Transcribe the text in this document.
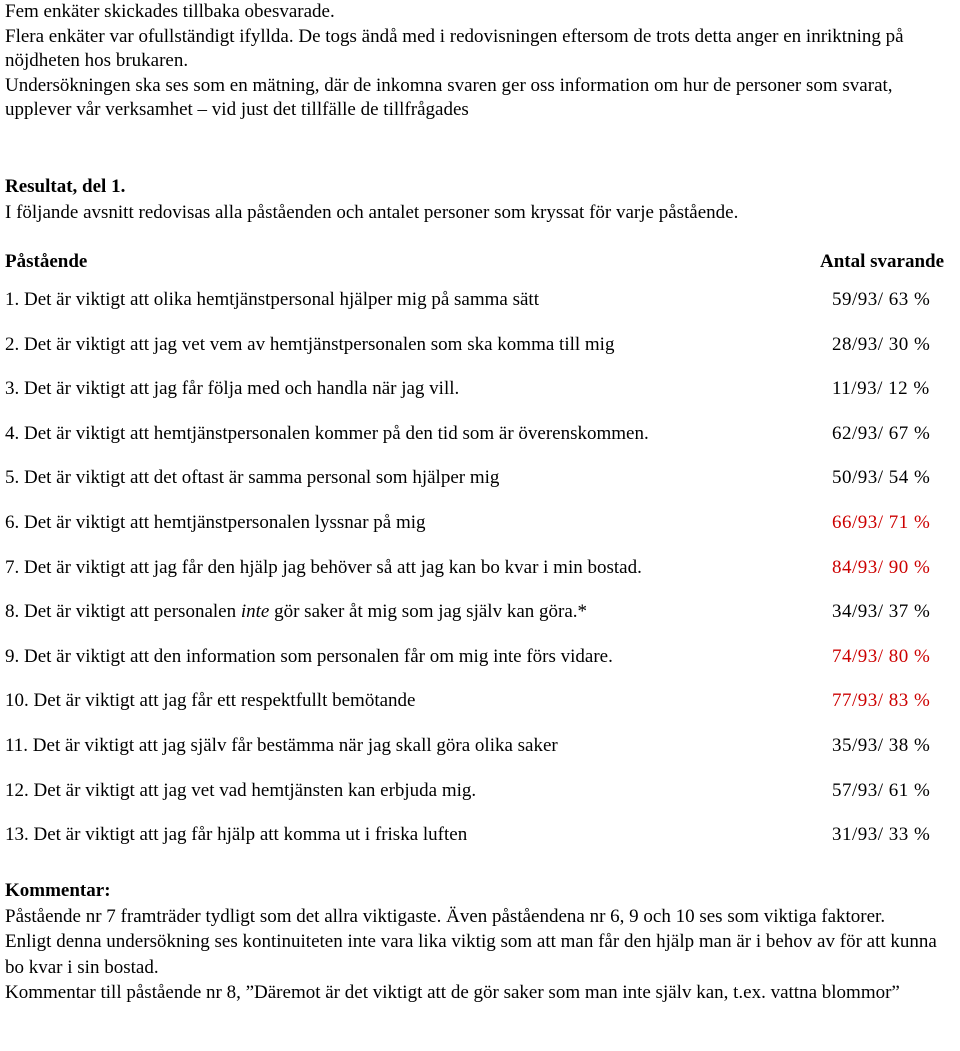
Fem enkäter skickades tillbaka obesvarade.

Flera enkäter var ofullständigt ifyllda. De togs ändå med i redovisningen eftersom de trots detta anger en inriktning på nöjdheten hos brukaren.

Undersökningen ska ses som en mätning, där de inkomna svaren ger oss information om hur de personer som svarat, upplever vår verksamhet – vid just det tillfälle de tillfrågades

Resultat, del 1.

I följande avsnitt redovisas alla påståenden och antalet personer som kryssat för varje påstående.

Påstående	Antal svarande
1. Det är viktigt att olika hemtjänstpersonal hjälper mig på samma sätt	59/93/ 63 %
2. Det är viktigt att jag vet vem av hemtjänstpersonalen som ska komma till mig	28/93/ 30 %
3. Det är viktigt att jag får följa med och handla när jag vill.	11/93/ 12 %
4. Det är viktigt att hemtjänstpersonalen kommer på den tid som är överenskommen.	62/93/ 67 %
5. Det är viktigt att det oftast är samma personal som hjälper mig	50/93/ 54 %
6. Det är viktigt att hemtjänstpersonalen lyssnar på mig	66/93/ 71 %
7. Det är viktigt att jag får den hjälp jag behöver så att jag kan bo kvar i min bostad.	84/93/ 90 %
8. Det är viktigt att personalen inte gör saker åt mig som jag själv kan göra.*	34/93/ 37 %
9. Det är viktigt att den information som personalen får om mig inte förs vidare.	74/93/ 80 %
10. Det är viktigt att jag får ett respektfullt bemötande	77/93/ 83 %
11. Det är viktigt att jag själv får bestämma när jag skall göra olika saker	35/93/ 38 %
12. Det är viktigt att jag vet vad hemtjänsten kan erbjuda mig.	57/93/ 61 %
13. Det är viktigt att jag får hjälp att komma ut i friska luften	31/93/ 33 %

Kommentar:

Påstående nr 7 framträder tydligt som det allra viktigaste. Även påståendena nr 6, 9 och 10 ses som viktiga faktorer.

Enligt denna undersökning ses kontinuiteten inte vara lika viktig som att man får den hjälp man är i behov av för att kunna bo kvar i sin bostad.

Kommentar till påstående nr 8, ”Däremot är det viktigt att de gör saker som man inte själv kan, t.ex. vattna blommor”
